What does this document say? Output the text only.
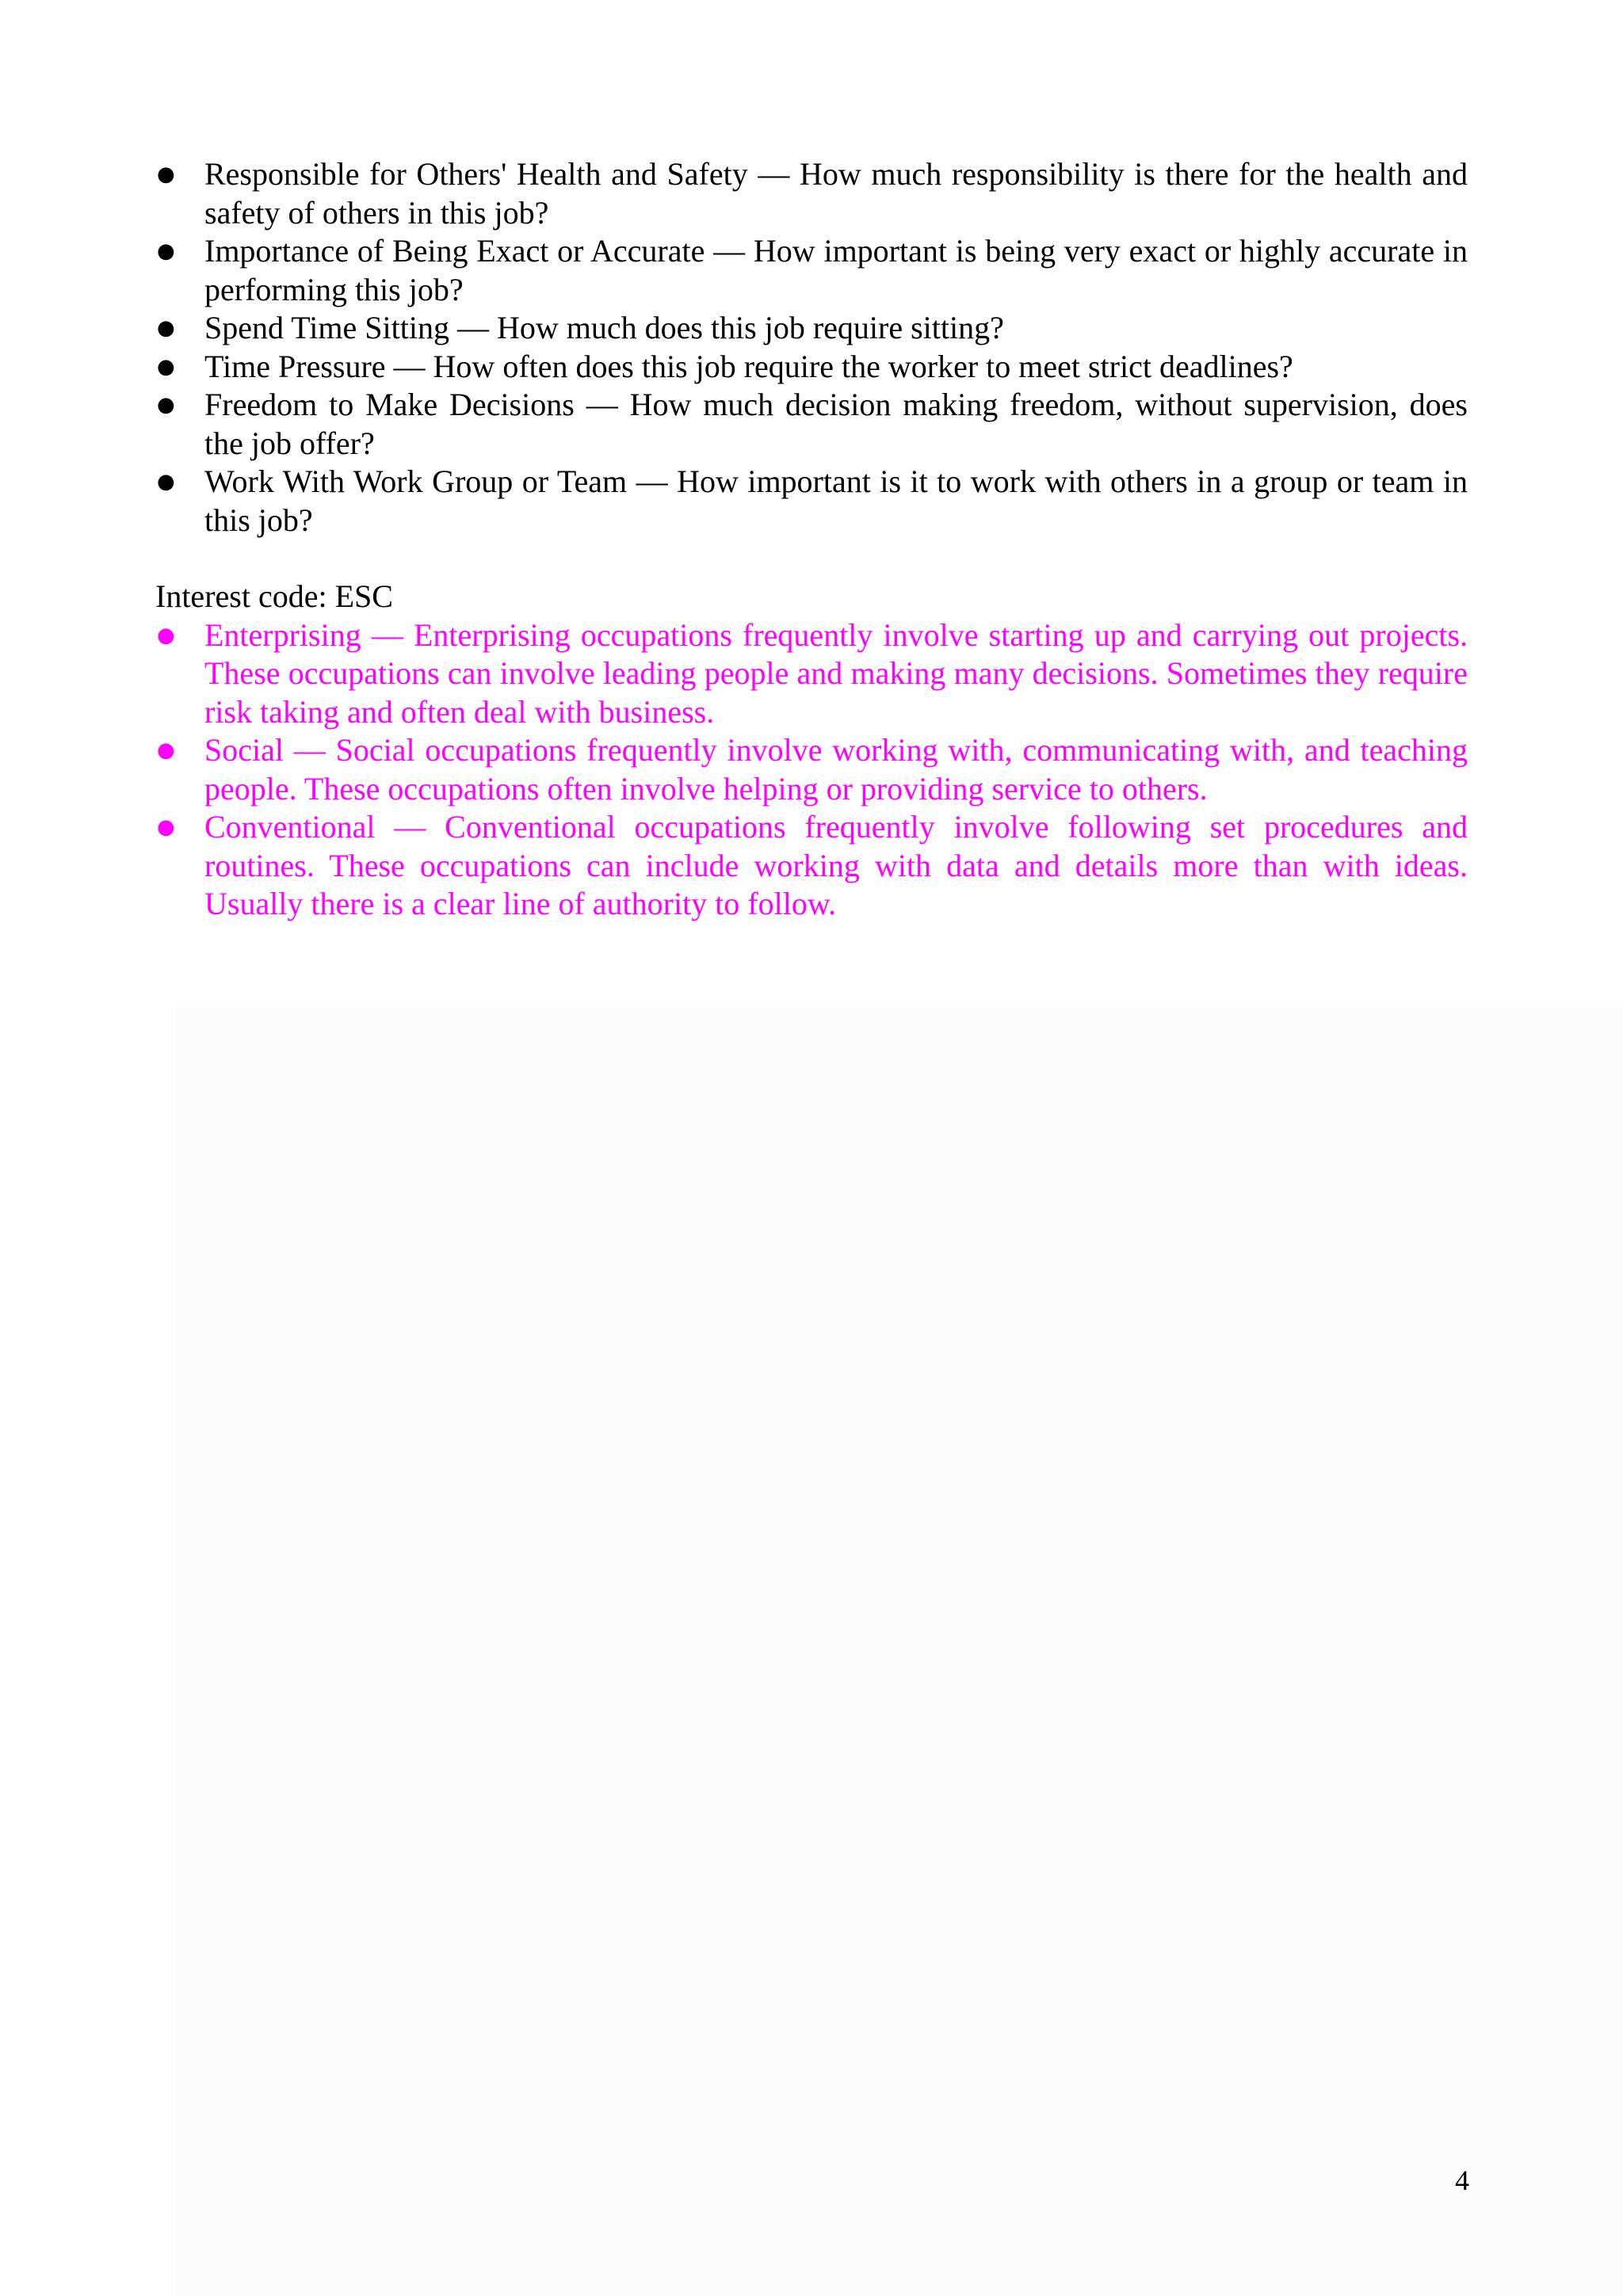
●
Responsible for Others' Health and Safety — How much responsibility is there for the health and safety of others in this job?
●
Importance of Being Exact or Accurate — How important is being very exact or highly accurate in performing this job?
●
Spend Time Sitting — How much does this job require sitting?
●
Time Pressure — How often does this job require the worker to meet strict deadlines?
●
Freedom to Make Decisions — How much decision making freedom, without supervision, does the job offer?
●
Work With Work Group or Team — How important is it to work with others in a group or team in this job?

Interest code: ESC

●
Enterprising — Enterprising occupations frequently involve starting up and carrying out projects. These occupations can involve leading people and making many decisions. Sometimes they require risk taking and often deal with business.
●
Social — Social occupations frequently involve working with, communicating with, and teaching people. These occupations often involve helping or providing service to others.
●
Conventional — Conventional occupations frequently involve following set procedures and routines. These occupations can include working with data and details more than with ideas. Usually there is a clear line of authority to follow.
4
